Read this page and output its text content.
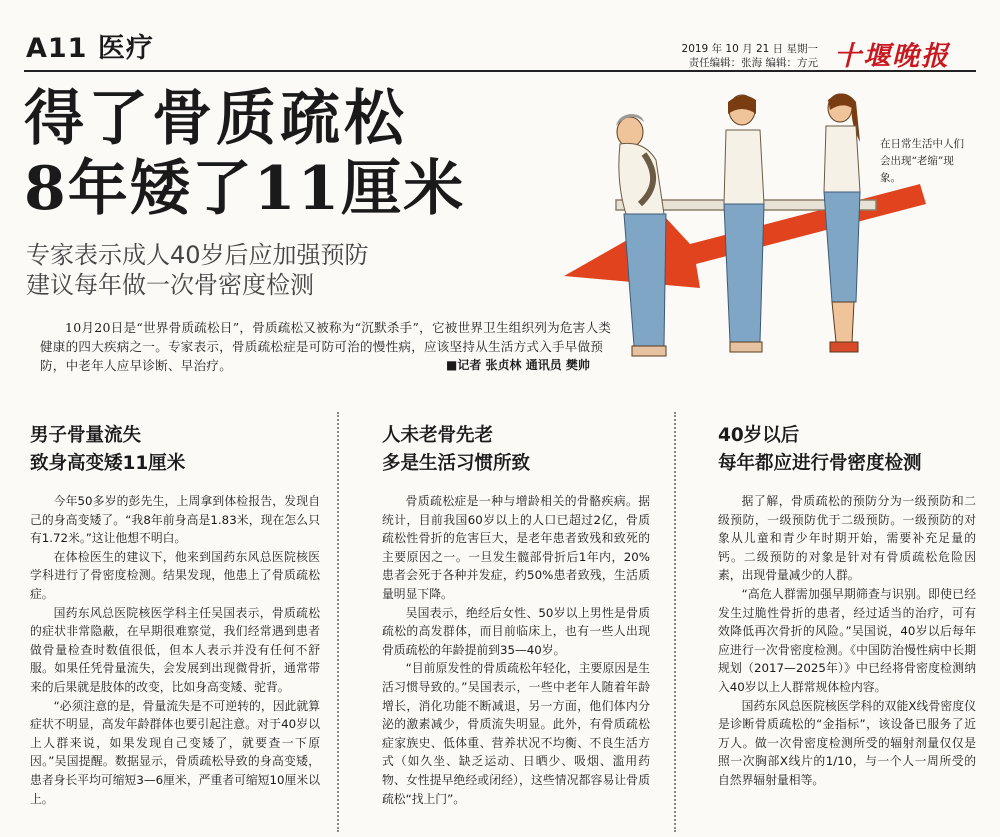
A11 医疗	2019 年 10 月 21 日 星期一
责任编辑：张海 编辑：方元 十堰晚报
得了骨质疏松
8年矮了11厘米
专家表示成人40岁后应加强预防
建议每年做一次骨密度检测
在日常生活中人们会出现“老缩”现象。
10月20日是“世界骨质疏松日”，骨质疏松又被称为“沉默杀手”，它被世界卫生组织列为危害人类健康的四大疾病之一。专家表示，骨质疏松症是可防可治的慢性病，应该坚持从生活方式入手早做预防，中老年人应早诊断、早治疗。	■记者 张贞林 通讯员 樊帅
男子骨量流失
致身高变矮11厘米

今年50多岁的彭先生，上周拿到体检报告，发现自己的身高变矮了。“我8年前身高是1.83米，现在怎么只有1.72米。”这让他想不明白。

在体检医生的建议下，他来到国药东风总医院核医学科进行了骨密度检测。结果发现，他患上了骨质疏松症。

国药东风总医院核医学科主任吴国表示，骨质疏松的症状非常隐蔽，在早期很难察觉，我们经常遇到患者做骨量检查时数值很低，但本人表示并没有任何不舒服。如果任凭骨量流失，会发展到出现微骨折，通常带来的后果就是肢体的改变，比如身高变矮、驼背。

“必须注意的是，骨量流失是不可逆转的，因此就算症状不明显，高发年龄群体也要引起注意。对于40岁以上人群来说，如果发现自己变矮了，就要查一下原因。”吴国提醒。数据显示，骨质疏松导致的身高变矮，患者身长平均可缩短3—6厘米，严重者可缩短10厘米以上。

人未老骨先老
多是生活习惯所致

骨质疏松症是一种与增龄相关的骨骼疾病。据统计，目前我国60岁以上的人口已超过2亿，骨质疏松性骨折的危害巨大，是老年患者致残和致死的主要原因之一。一旦发生髋部骨折后1年内，20%患者会死于各种并发症，约50%患者致残，生活质量明显下降。

吴国表示，绝经后女性、50岁以上男性是骨质疏松的高发群体，而目前临床上，也有一些人出现骨质疏松的年龄提前到35—40岁。

“目前原发性的骨质疏松年轻化，主要原因是生活习惯导致的。”吴国表示，一些中老年人随着年龄增长，消化功能不断减退，另一方面，他们体内分泌的激素减少，骨质流失明显。此外，有骨质疏松症家族史、低体重、营养状况不均衡、不良生活方式（如久坐、缺乏运动、日晒少、吸烟、滥用药物、女性提早绝经或闭经），这些情况都容易让骨质疏松“找上门”。

40岁以后
每年都应进行骨密度检测

据了解，骨质疏松的预防分为一级预防和二级预防，一级预防优于二级预防。一级预防的对象从儿童和青少年时期开始，需要补充足量的钙。二级预防的对象是针对有骨质疏松危险因素，出现骨量减少的人群。

“高危人群需加强早期筛查与识别。即使已经发生过脆性骨折的患者，经过适当的治疗，可有效降低再次骨折的风险。”吴国说，40岁以后每年应进行一次骨密度检测。《中国防治慢性病中长期规划（2017—2025年）》中已经将骨密度检测纳入40岁以上人群常规体检内容。

国药东风总医院核医学科的双能X线骨密度仪是诊断骨质疏松的“金指标”，该设备已服务了近万人。做一次骨密度检测所受的辐射剂量仅仅是照一次胸部X线片的1/10，与一个人一周所受的自然界辐射量相等。
